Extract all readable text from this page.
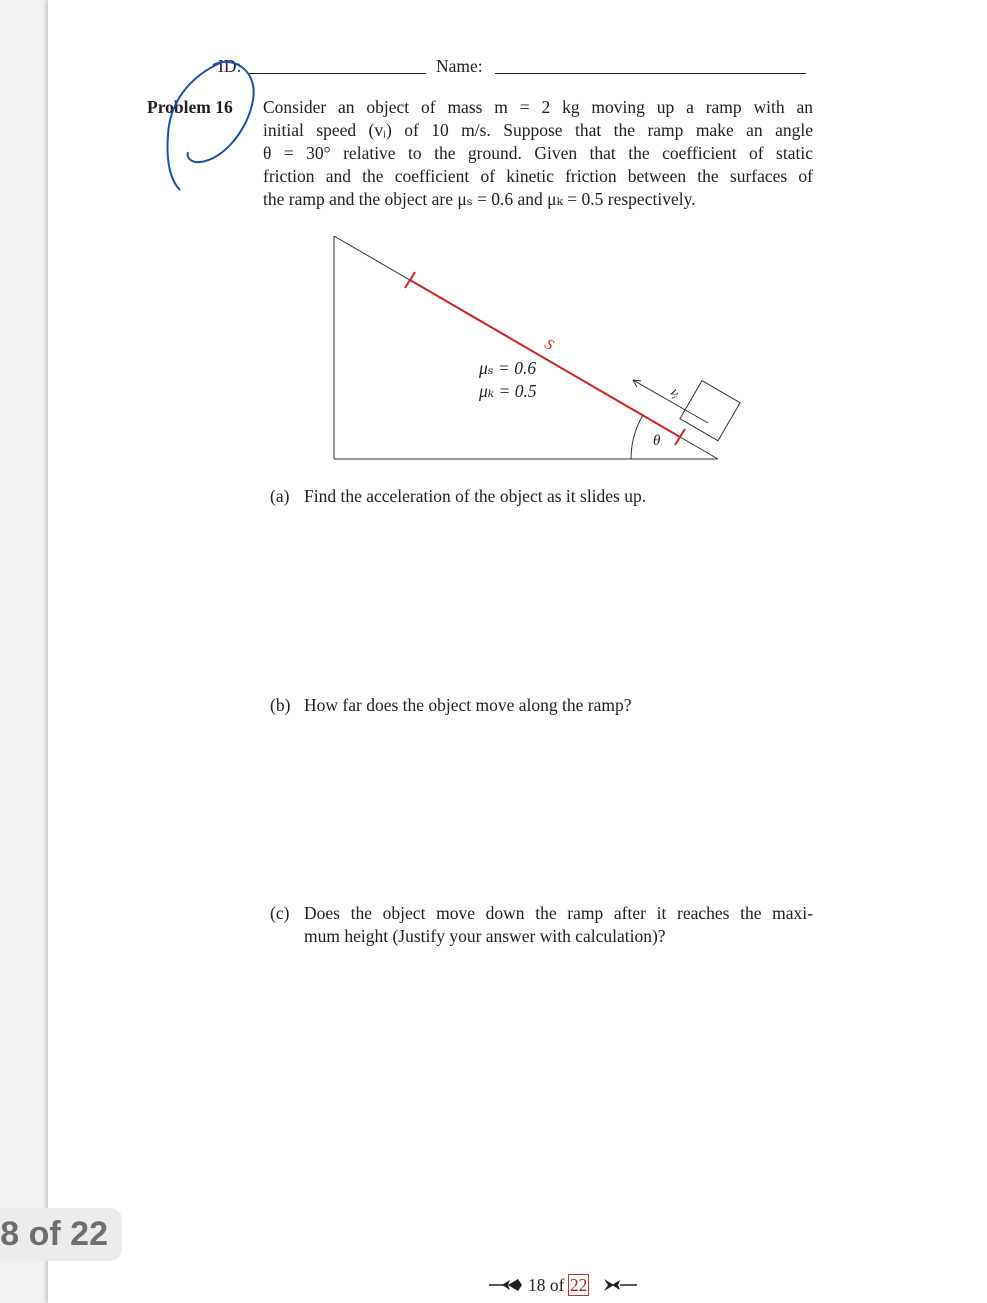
ID:	Name:
Problem 16 Consider an object of mass m = 2 kg moving up a ramp with an
initial speed (vᵢ) of 10 m/s. Suppose that the ramp make an angle
θ = 30° relative to the ground. Given that the coefficient of static
friction and the coefficient of kinetic friction between the surfaces of
the ramp and the object are μₛ = 0.6 and μₖ = 0.5 respectively.
μₛ = 0.6
μₖ = 0.5
S
θ
vᵢ
(a) Find the acceleration of the object as it slides up.
(b) How far does the object move along the ramp?
(c) Does the object move down the ramp after it reaches the maxi-
mum height (Justify your answer with calculation)?
18 of 22
8 of 22
